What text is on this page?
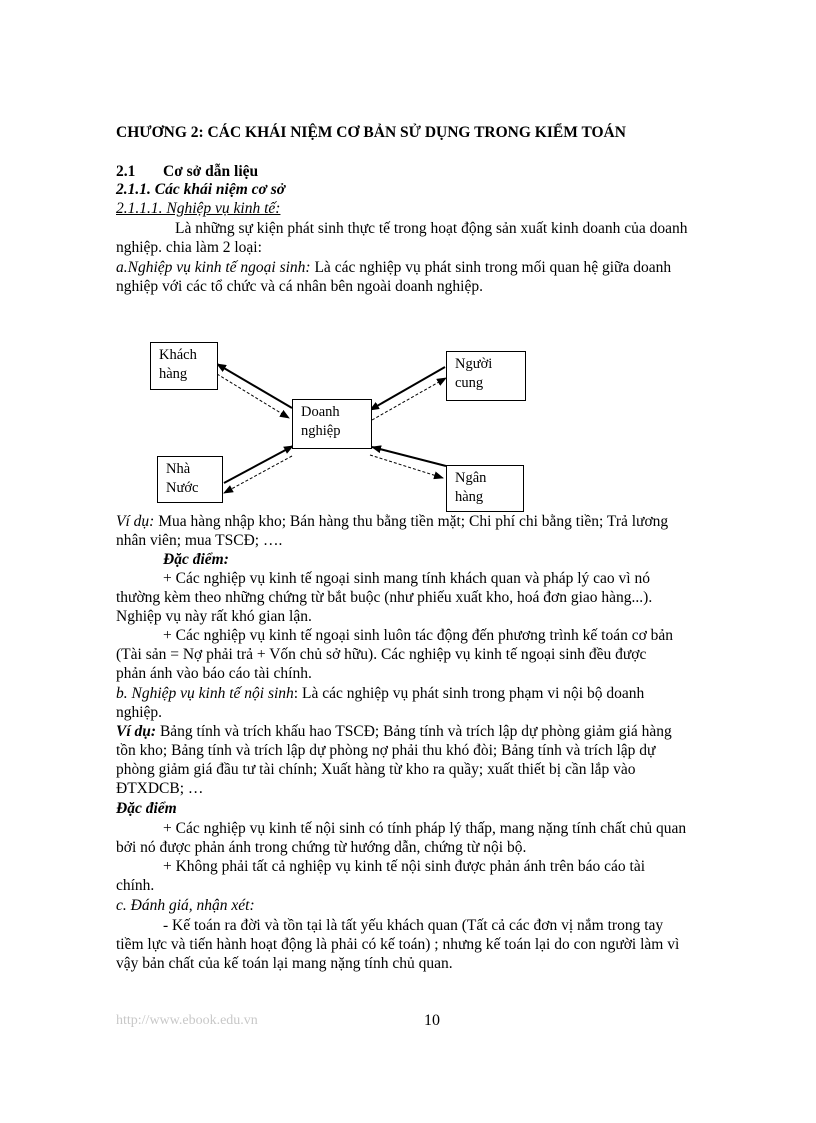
CHƯƠNG 2: CÁC KHÁI NIỆM CƠ BẢN SỬ DỤNG TRONG KIỂM TOÁN
2.1 Cơ sở dẫn liệu
2.1.1. Các khái niệm cơ sở
2.1.1.1. Nghiệp vụ kinh tế:
Là những sự kiện phát sinh thực tế trong hoạt động sản xuất kinh doanh của doanh
nghiệp. chia làm 2 loại:
a.Nghiệp vụ kinh tế ngoại sinh: Là các nghiệp vụ phát sinh trong mối quan hệ giữa doanh
nghiệp với các tổ chức và cá nhân bên ngoài doanh nghiệp.
Khách
hàng
Người
cung
Doanh
nghiệp
Nhà
Nước
Ngân
hàng
Ví dụ: Mua hàng nhập kho; Bán hàng thu bằng tiền mặt; Chi phí chi bằng tiền; Trả lương
nhân viên; mua TSCĐ; ….
Đặc điểm:
+ Các nghiệp vụ kinh tế ngoại sinh mang tính khách quan và pháp lý cao vì nó
thường kèm theo những chứng từ bắt buộc (như phiếu xuất kho, hoá đơn giao hàng...).
Nghiệp vụ này rất khó gian lận.
+ Các nghiệp vụ kinh tế ngoại sinh luôn tác động đến phương trình kế toán cơ bản
(Tài sản = Nợ phải trả + Vốn chủ sở hữu). Các nghiệp vụ kinh tế ngoại sinh đều được
phản ánh vào báo cáo tài chính.
b. Nghiệp vụ kinh tế nội sinh: Là các nghiệp vụ phát sinh trong phạm vi nội bộ doanh
nghiệp.
Ví dụ: Bảng tính và trích khấu hao TSCĐ; Bảng tính và trích lập dự phòng giảm giá hàng
tồn kho; Bảng tính và trích lập dự phòng nợ phải thu khó đòi; Bảng tính và trích lập dự
phòng giảm giá đầu tư tài chính; Xuất hàng từ kho ra quầy; xuất thiết bị cần lắp vào
ĐTXDCB; …
Đặc điểm
+ Các nghiệp vụ kinh tế nội sinh có tính pháp lý thấp, mang nặng tính chất chủ quan
bởi nó được phản ánh trong chứng từ hướng dẫn, chứng từ nội bộ.
+ Không phải tất cả nghiệp vụ kinh tế nội sinh được phản ánh trên báo cáo tài
chính.
c. Đánh giá, nhận xét:
- Kế toán ra đời và tồn tại là tất yếu khách quan (Tất cả các đơn vị nắm trong tay
tiềm lực và tiến hành hoạt động là phải có kế toán) ; nhưng kế toán lại do con người làm vì
vậy bản chất của kế toán lại mang nặng tính chủ quan.
http://www.ebook.edu.vn	10
